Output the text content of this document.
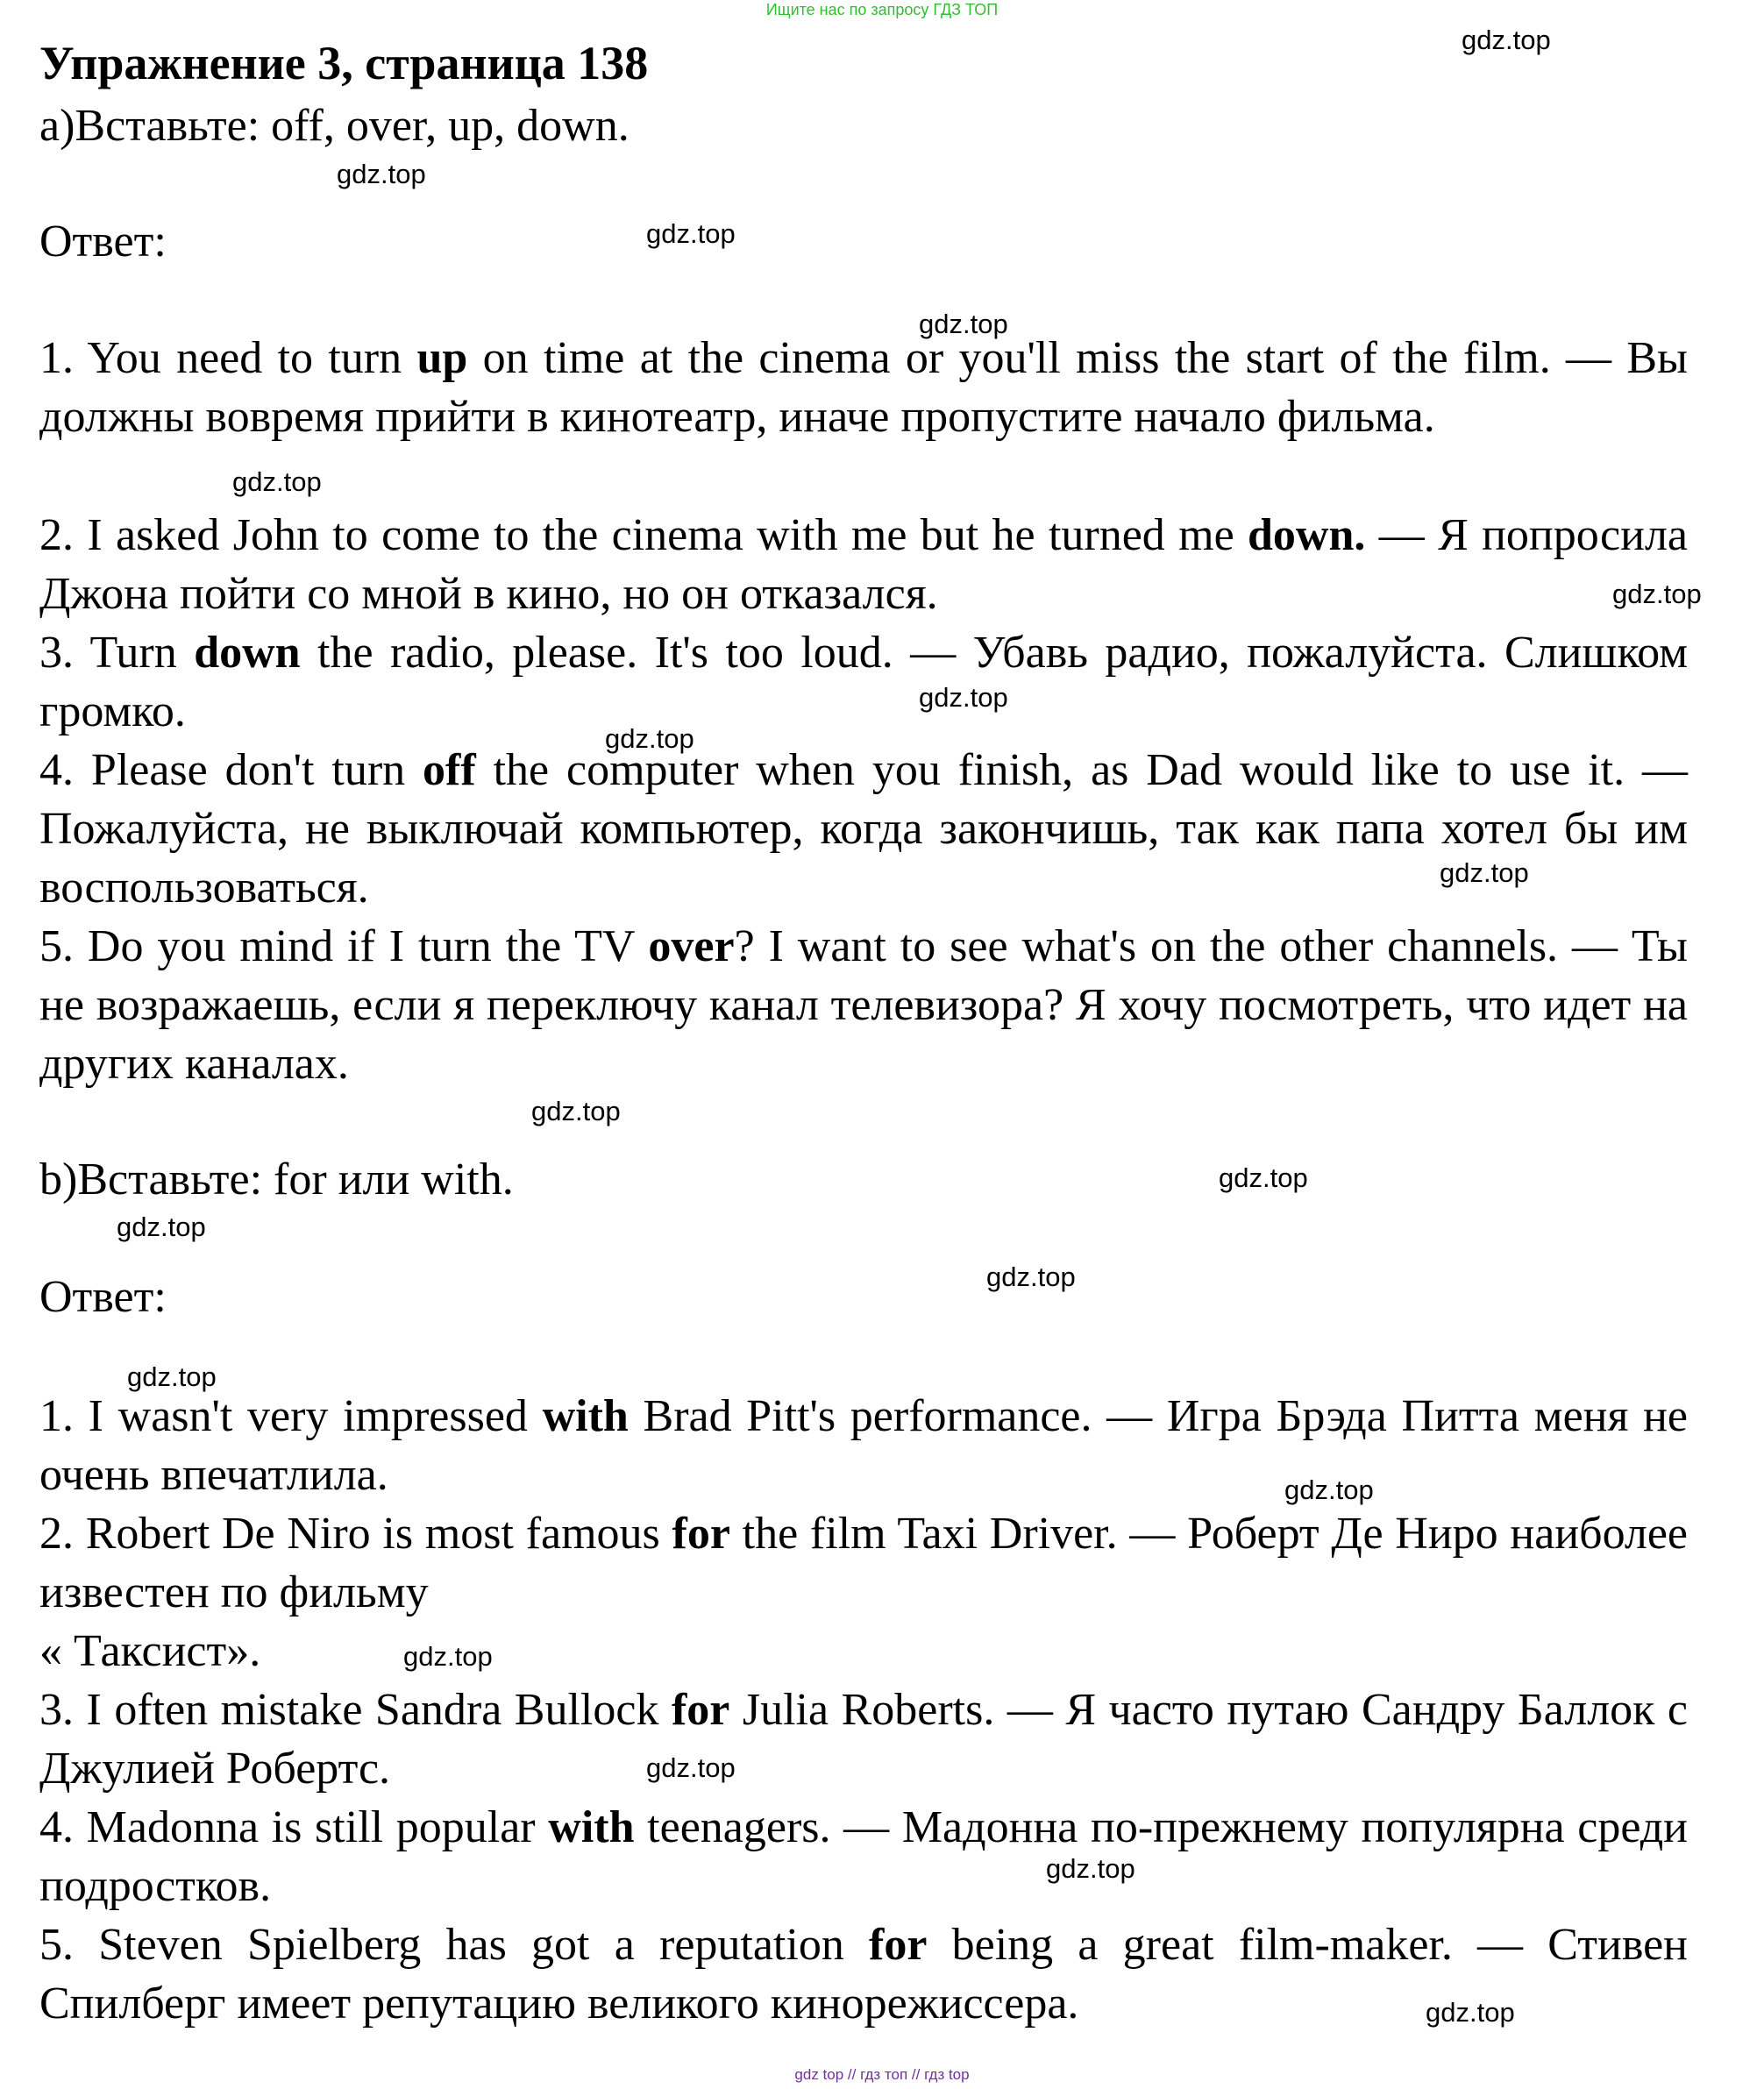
Ищите нас по запросу ГДЗ ТОП
Упражнение 3, страница 138
a)Вставьте: off, over, up, down.
Ответ:
1. You need to turn up on time at the cinema or you'll miss the start of the film. — Вы должны вовремя прийти в кинотеатр, иначе пропустите начало фильма.
2. I asked John to come to the cinema with me but he turned me down. — Я попросила Джона пойти со мной в кино, но он отказался.
3. Turn down the radio, please. It's too loud. — Убавь радио, пожалуйста. Слишком громко.
4. Please don't turn off the computer when you finish, as Dad would like to use it. — Пожалуйста, не выключай компьютер, когда закончишь, так как папа хотел бы им воспользоваться.
5. Do you mind if I turn the TV over? I want to see what's on the other channels. — Ты не возражаешь, если я переключу канал телевизора? Я хочу посмотреть, что идет на других каналах.
b)Вставьте: for или with.
Ответ:
1. I wasn't very impressed with Brad Pitt's performance. — Игра Брэда Питта меня не очень впечатлила.
2. Robert De Niro is most famous for the film Taxi Driver. — Роберт Де Ниро наиболее известен по фильму
« Таксист».
3. I often mistake Sandra Bullock for Julia Roberts. — Я часто путаю Сандру Баллок с Джулией Робертс.
4. Madonna is still popular with teenagers. — Мадонна по-прежнему популярна среди подростков.
5. Steven Spielberg has got a reputation for being a great film-maker. — Стивен Спилберг имеет репутацию великого кинорежиссера.
gdz.top
gdz.top
gdz.top
gdz.top
gdz.top
gdz.top
gdz.top
gdz.top
gdz.top
gdz.top
gdz.top
gdz.top
gdz.top
gdz.top
gdz.top
gdz.top
gdz.top
gdz.top
gdz.top
gdz top // гдз топ // гдз top
